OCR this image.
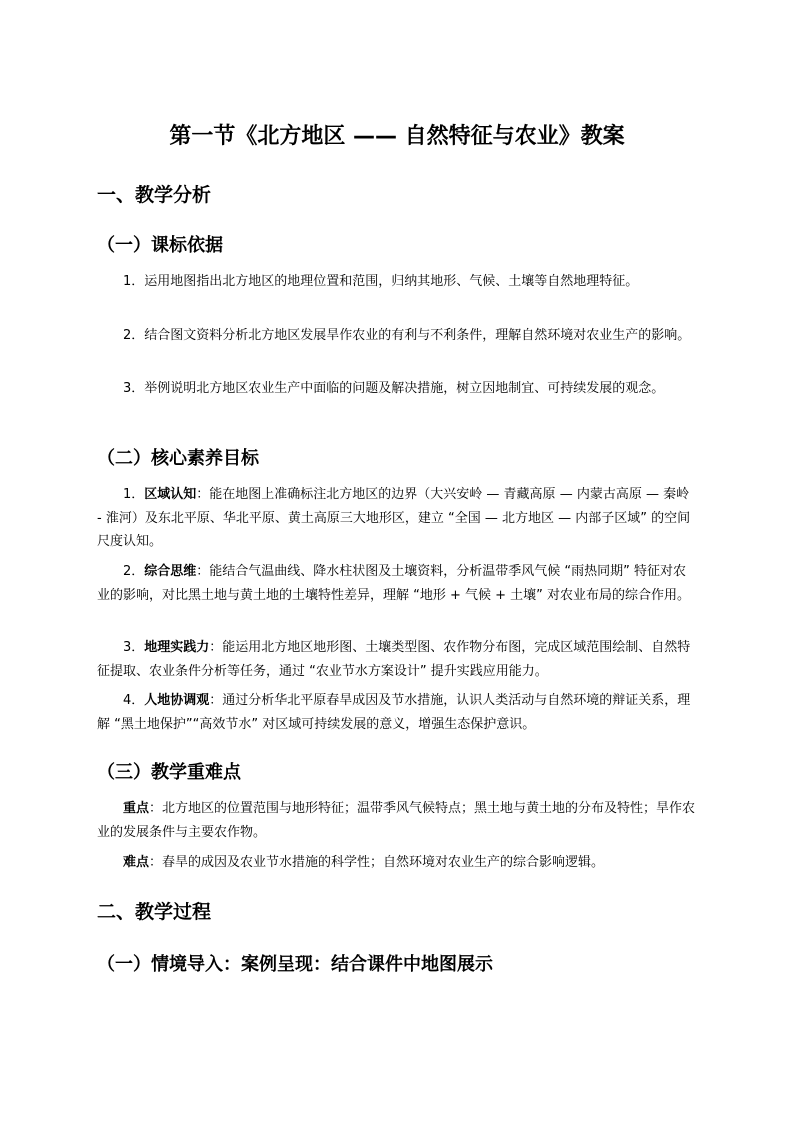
第一节《北方地区 —— 自然特征与农业》教案
一、教学分析
（一）课标依据

1．运用地图指出北方地区的地理位置和范围，归纳其地形、气候、土壤等自然地理特征。

2．结合图文资料分析北方地区发展旱作农业的有利与不利条件，理解自然环境对农业生产的影响。

3．举例说明北方地区农业生产中面临的问题及解决措施，树立因地制宜、可持续发展的观念。

（二）核心素养目标

1．区域认知：能在地图上准确标注北方地区的边界（大兴安岭 — 青藏高原 — 内蒙古高原 — 秦岭 - 淮河）及东北平原、华北平原、黄土高原三大地形区，建立 “全国 — 北方地区 — 内部子区域” 的空间尺度认知。

2．综合思维：能结合气温曲线、降水柱状图及土壤资料，分析温带季风气候 “雨热同期” 特征对农业的影响，对比黑土地与黄土地的土壤特性差异，理解 “地形 + 气候 + 土壤” 对农业布局的综合作用。

3．地理实践力：能运用北方地区地形图、土壤类型图、农作物分布图，完成区域范围绘制、自然特征提取、农业条件分析等任务，通过 “农业节水方案设计” 提升实践应用能力。

4．人地协调观：通过分析华北平原春旱成因及节水措施，认识人类活动与自然环境的辩证关系，理解 “黑土地保护”“高效节水” 对区域可持续发展的意义，增强生态保护意识。

（三）教学重难点

重点：北方地区的位置范围与地形特征；温带季风气候特点；黑土地与黄土地的分布及特性；旱作农业的发展条件与主要农作物。

难点：春旱的成因及农业节水措施的科学性；自然环境对农业生产的综合影响逻辑。

二、教学过程
（一）情境导入：案例呈现：结合课件中地图展示
